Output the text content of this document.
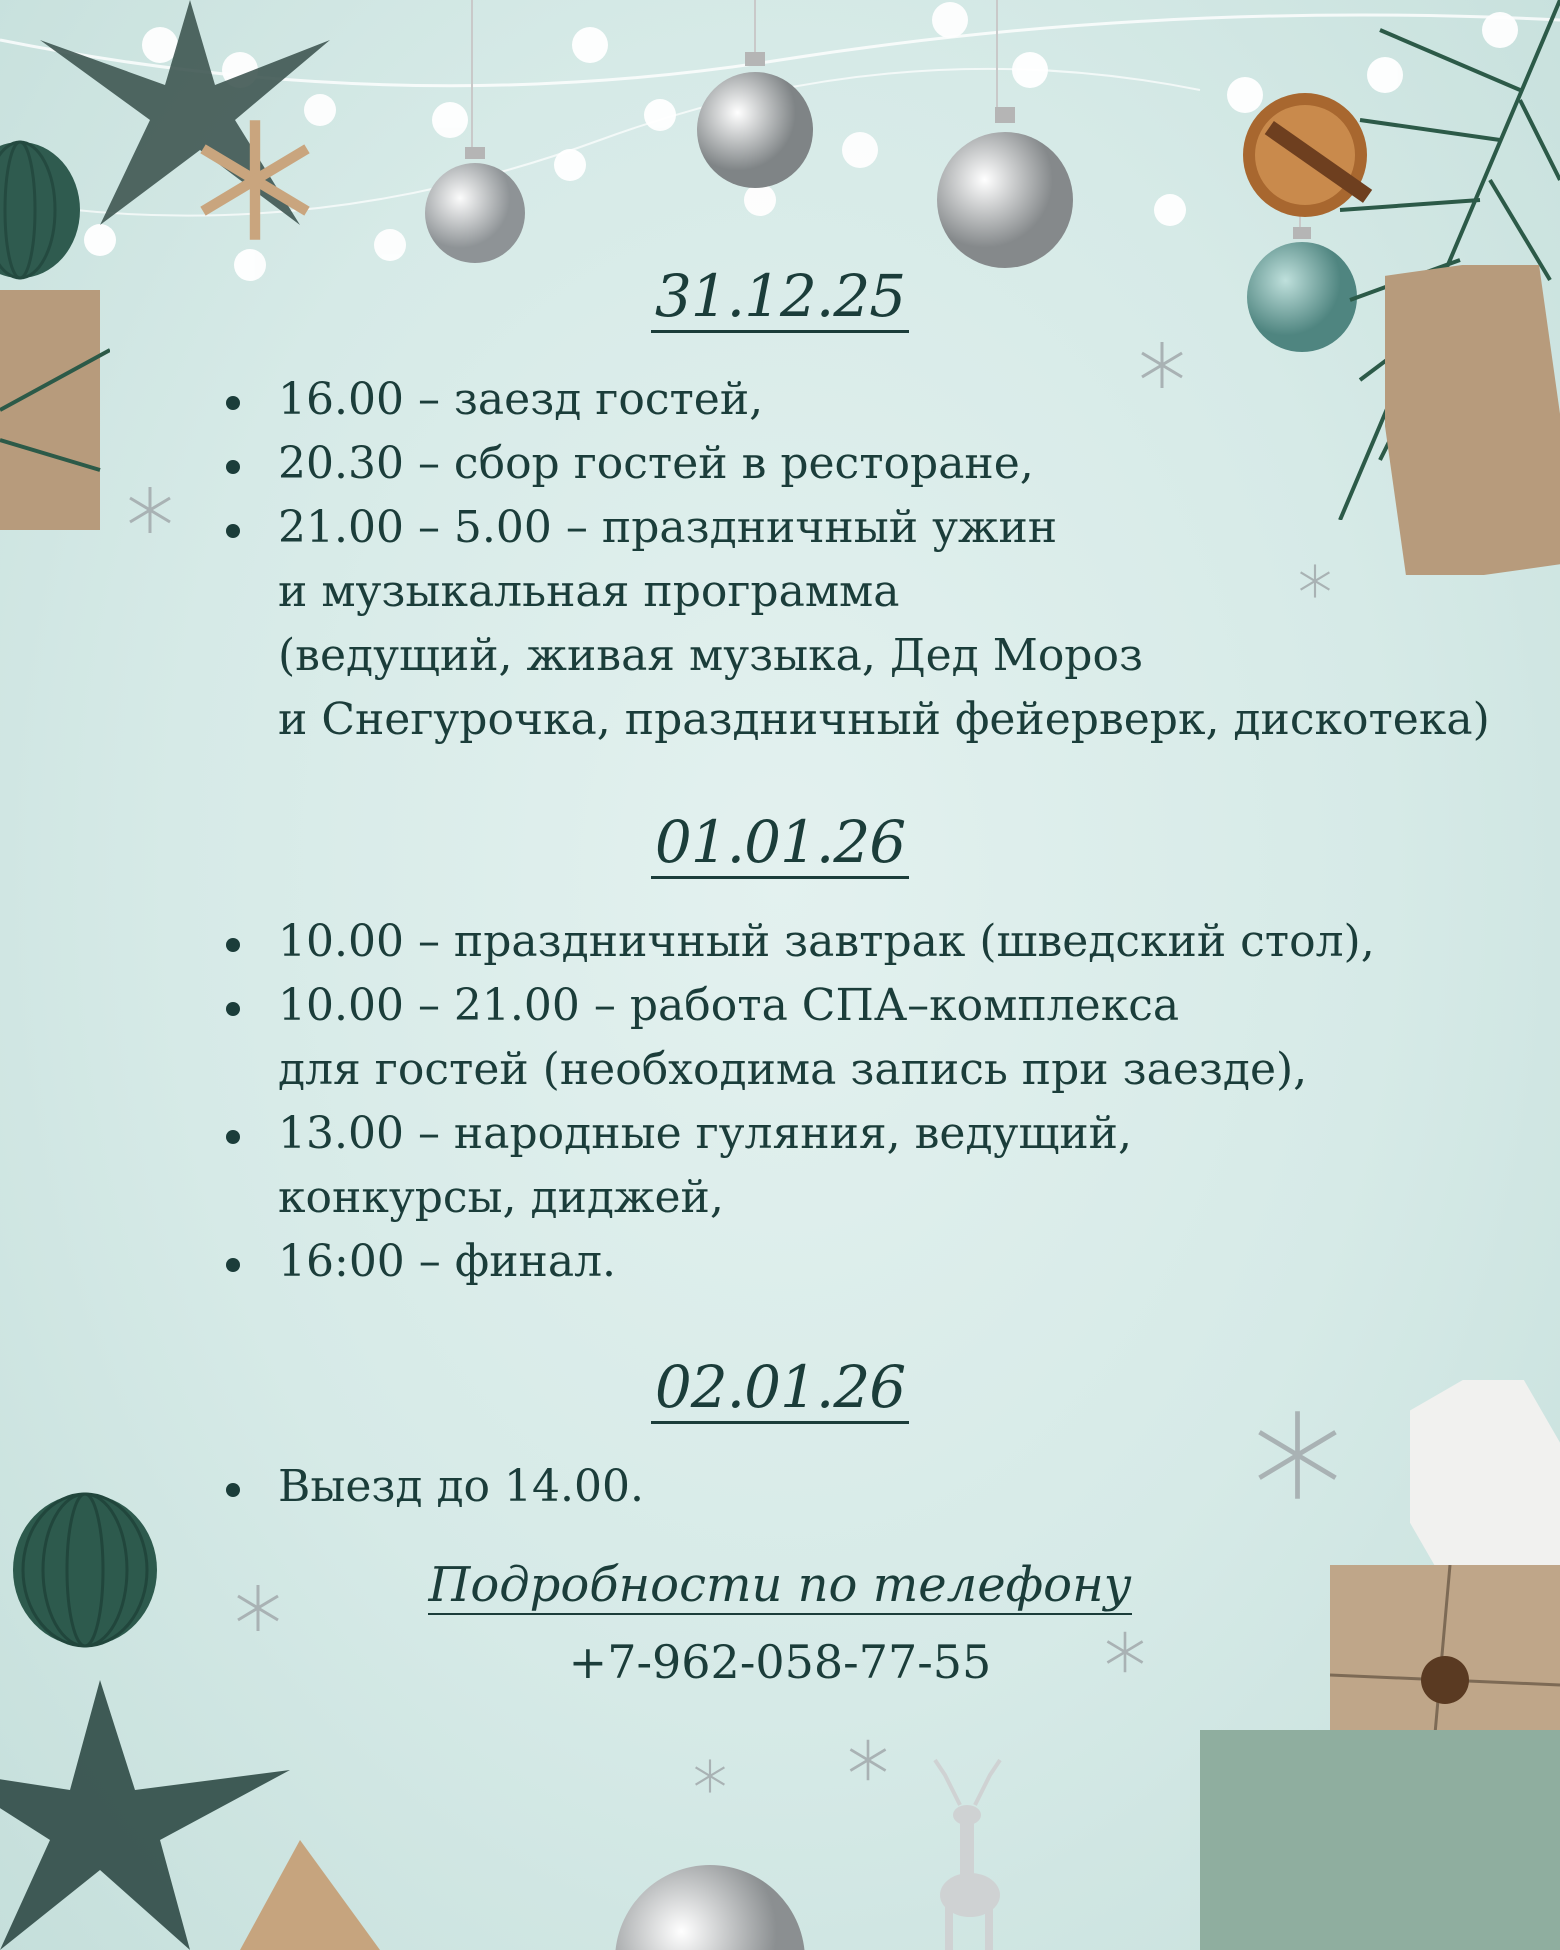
31.12.25
16.00 – заезд гостей,
20.30 – сбор гостей в ресторане,
21.00 – 5.00 – праздничный ужин
и музыкальная программа
(ведущий, живая музыка, Дед Мороз
и Снегурочка, праздничный фейерверк, дискотека)
01.01.26
10.00 – праздничный завтрак (шведский стол),
10.00 – 21.00 – работа СПА–комплекса
для гостей (необходима запись при заезде),
13.00 – народные гуляния, ведущий,
конкурсы, диджей,
16:00 – финал.
02.01.26
Выезд до 14.00.
Подробности по телефону
+7-962-058-77-55
